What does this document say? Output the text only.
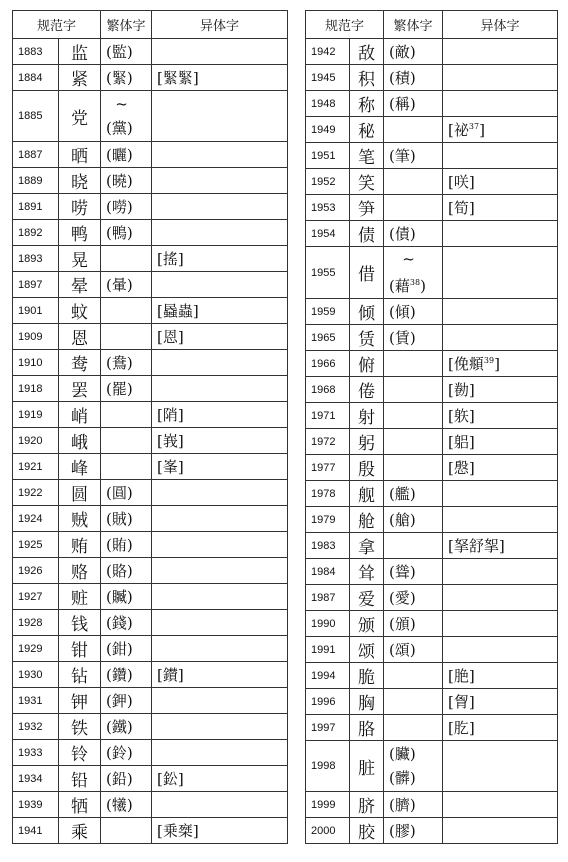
规范字		繁体字	异体字
1883	监	(監)	
1884	紧	(緊)	[緊緊]
1885	党	~
(黨)	

1887	晒	(曬)	
1889	晓	(曉)	
1891	唠	(嘮)	
1892	鸭	(鴨)	
1893	晃		[搖]
1897	晕	(暈)	
1901	蚊		[蟁蟲]
1909	恩		[恩]
1910	鸯	(鴦)	
1918	罢	(罷)	
1919	峭		[陗]
1920	峨		[峩]
1921	峰		[峯]
1922	圆	(圓)	
1924	贼	(賊)	
1925	贿	(賄)	
1926	赂	(賂)	
1927	赃	(贓)	
1928	钱	(錢)	
1929	钳	(鉗)	
1930	钻	(鑽)	[鑚]
1931	钾	(鉀)	
1932	铁	(鐵)	
1933	铃	(鈴)	
1934	铅	(鉛)	[鈆]
1939	牺	(犧)	
1941	乘		[乗椉]
规范字		繁体字	异体字
1942	敌	(敵)	
1945	积	(積)	
1948	称	(稱)	
1949	秘		[祕$^{37}$]
1951	笔	(筆)	
1952	笑		[咲]
1953	笋		[筍]
1954	债	(債)	
1955	借	~
(藉$^{38}$)	

1959	倾	(傾)	
1965	赁	(賃)	
1966	俯		[俛頫$^{39}$]
1968	倦		[勌]
1971	射		[䠶]
1972	躬		[躳]
1977	殷		[慇]
1978	舰	(艦)	
1979	舱	(艙)	
1983	拿		[拏舒挐]
1984	耸	(聳)	
1987	爱	(愛)	
1990	颁	(頒)	
1991	颂	(頌)	
1994	脆		[脃]
1996	胸		[胷]
1997	胳		[肐]
1998	脏	(臟)
(髒)	

1999	脐	(臍)	
2000	胶	(膠)	
